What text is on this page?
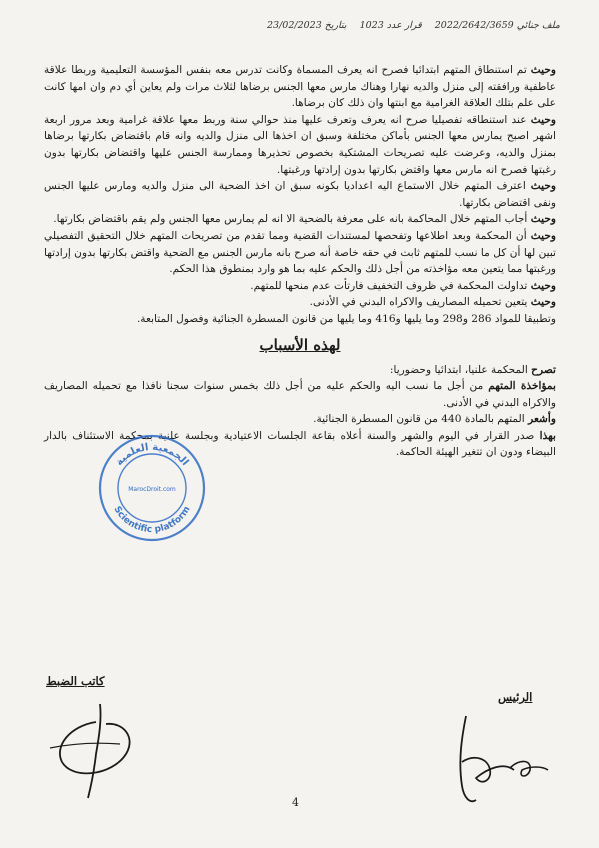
ملف جنائي 2022/2642/3659 قرار عدد 1023 بتاريخ 23/02/2023

وحيث تم استنطاق المتهم ابتدائيا فصرح انه يعرف المسماة وكانت تدرس معه بنفس المؤسسة التعليمية وربطا علاقة عاطفية ورافقته إلى منزل والديه نهارا وهناك مارس معها الجنس برضاها لثلاث مرات ولم يعاين أي دم وان امها كانت على علم بتلك العلاقة الغرامية مع ابنتها وان ذلك كان برضاها.

وحيث عند استنطاقه تفصيليا صرح انه يعرف وتعرف عليها منذ حوالي سنة وربط معها علاقة غرامية وبعد مرور اربعة اشهر اصبح يمارس معها الجنس بأماكن مختلفة وسبق ان اخذها الى منزل والديه وانه قام باقتضاض بكارتها برضاها بمنزل والديه، وعرضت عليه تصريحات المشتكية بخصوص تحذيرها وممارسة الجنس عليها واقتضاض بكارتها بدون رغبتها فصرح انه مارس معها واقتض بكارتها بدون إرادتها ورغبتها.

وحيث اعترف المتهم خلال الاستماع اليه اعداديا بكونه سبق ان اخذ الضحية الى منزل والديه ومارس عليها الجنس ونفى اقتضاض بكارتها.

وحيث أجاب المتهم خلال المحاكمة بانه على معرفة بالضحية الا انه لم يمارس معها الجنس ولم يقم باقتضاض بكارتها.

وحيث أن المحكمة وبعد اطلاعها وتفحصها لمستندات القضية ومما تقدم من تصريحات المتهم خلال التحقيق التفصيلي تبين لها أن كل ما نسب للمتهم ثابت في حقه خاصة أنه صرح بانه مارس الجنس مع الضحية واقتض بكارتها بدون إرادتها ورغبتها مما يتعين معه مؤاخذته من أجل ذلك والحكم عليه بما هو وارد بمنطوق هذا الحكم.

وحيث تداولت المحكمة في ظروف التخفيف فارتأت عدم منحها للمتهم.

وحيث يتعين تحميله المصاريف والاكراه البدني في الأدنى.

وتطبيقا للمواد 286 و298 وما يليها و416 وما يليها من قانون المسطرة الجنائية وفصول المتابعة.

لهذه الأسباب

تصرح المحكمة علنيا، ابتدائيا وحضوريا:

بمؤاخذة المتهم من أجل ما نسب اليه والحكم عليه من أجل ذلك بخمس سنوات سجنا نافذا مع تحميله المصاريف والاكراه البدني في الأدنى.

وأشعر المتهم بالمادة 440 من قانون المسطرة الجنائية.

بهذا صدر القرار في اليوم والشهر والسنة أعلاه بقاعة الجلسات الاعتيادية وبجلسة علنية بمحكمة الاستئناف بالدار البيضاء ودون ان تتغير الهيئة الحاكمة.

الجمعية العلمية
MarocDroit.com
Scientific platform
كاتب الضبط
الرئيس
4
